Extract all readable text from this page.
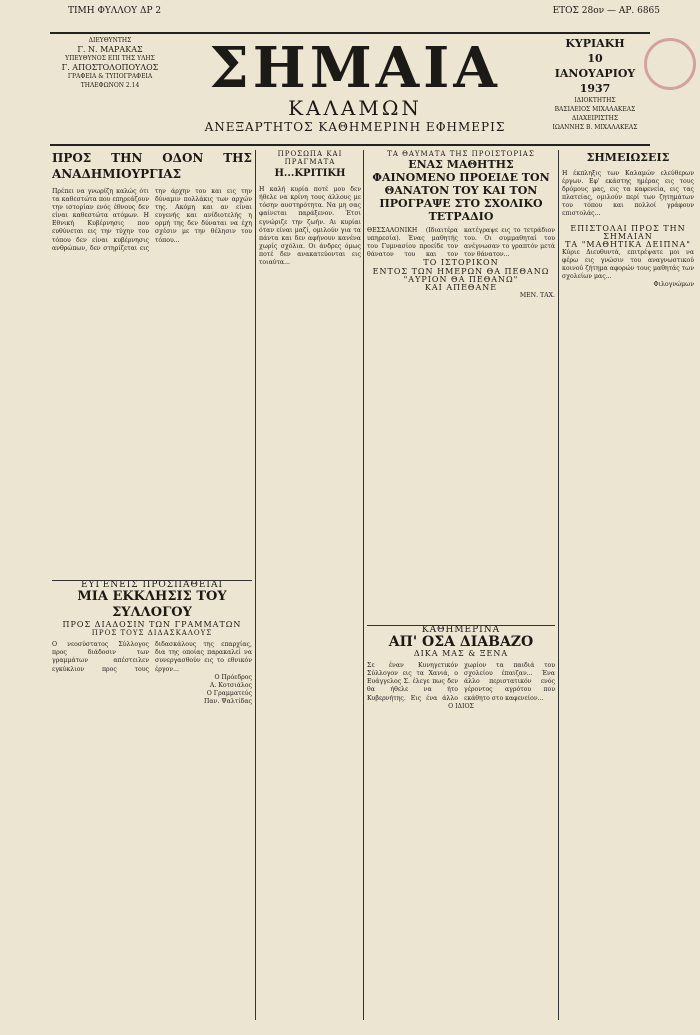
ΤΙΜΗ ΦΥΛΛΟΥ ΔΡ 2	ΕΤΟΣ 28ον — ΑΡ. 6865
ΔΙΕΥΘΥΝΤΗΣ
Γ. Ν. ΜΑΡΑΚΑΣ
ΥΠΕΥΘΥΝΟΣ ΕΠΙ ΤΗΣ ΥΛΗΣ
Γ. ΑΠΟΣΤΟΛΟΠΟΥΛΟΣ
ΓΡΑΦΕΙΑ & ΤΥΠΟΓΡΑΦΕΙΑ
ΤΗΛΕΦΩΝΟΝ 2.14	ΣΗΜΑΙΑ
ΚΑΛΑΜΩΝ
ΑΝΕΞΑΡΤΗΤΟΣ ΚΑΘΗΜΕΡΙΝΗ ΕΦΗΜΕΡΙΣ
ΚΥΡΙΑΚΗ
10
ΙΑΝΟΥΑΡΙΟΥ
1937
ΙΔΙΟΚΤΗΤΗΣ
ΒΑΣΙΛΕΙΟΣ ΜΙΧΑΛΑΚΕΑΣ
ΔΙΑΧΕΙΡΙΣΤΗΣ
ΙΩΑΝΝΗΣ Β. ΜΙΧΑΛΑΚΕΑΣ
ΠΡΟΣ ΤΗΝ ΟΔΟΝ ΤΗΣ ΑΝΑΔΗΜΙΟΥΡΓΙΑΣ
Πρέπει να γνωρίζη καλώς ότι τα καθεστώτα που επηρεάζουν την ιστορίαν ενός έθνους δεν είναι καθεστώτα ατόμων. Η Εθνική Κυβέρνησις που ευθύνεται εις την τύχην του τόπου δεν είναι κυβέρνησις ανθρώπων, δεν στηρίζεται εις την άρχην του και εις την δύναμιν πολλάκις των αρχών της. Ακόμη και αν είναι ευγενής και ανίδιοτελής η ορμή της δεν δύναται να έχη σχέσιν με την θέλησιν του τόπου...
ΕΥΓΕΝΕΙΣ ΠΡΟΣΠΑΘΕΙΑΙ
ΜΙΑ ΕΚΚΛΗΣΙΣ ΤΟΥ ΣΥΛΛΟΓΟΥ
ΠΡΟΣ ΔΙΑΔΟΣΙΝ ΤΩΝ ΓΡΑΜΜΑΤΩΝ
ΠΡΟΣ ΤΟΥΣ ΔΙΔΑΣΚΑΛΟΥΣ
Ο νεοσύστατος Σύλλογος προς διάδοσιν των γραμμάτων απέστειλεν εγκύκλιον προς τους διδασκάλους της επαρχίας, δια της οποίας παρακαλεί να συνεργασθούν εις το εθνικόν έργον...
Ο Πρόεδρος
Α. Κοτσιάλος
Ο Γραμματεύς
Παν. Ψαλτίδας
ΠΡΟΣΩΠΑ ΚΑΙ ΠΡΑΓΜΑΤΑ
Η...ΚΡΙΤΙΚΗ
Η καλή κυρία ποτέ μου δεν ήθελε να κρίνη τους άλλους με τόσην αυστηρότητα. Να μη σας φαίνεται παράξενον. Έτσι εγνώριζε την ζωήν. Αι κυρίαι όταν είναι μαζί, ομιλούν για τα πάντα και δεν αφήνουν κανένα χωρίς σχόλια. Οι άνδρες όμως ποτέ δεν ανακατεύονται εις τοιαύτα...
ΤΑ ΘΑΥΜΑΤΑ ΤΗΣ ΠΡΟΙΣΤΟΡΙΑΣ
ΕΝΑΣ ΜΑΘΗΤΗΣ ΦΑΙΝΟΜΕΝΟ ΠΡΟΕΙΔΕ ΤΟΝ ΘΑΝΑΤΟΝ ΤΟΥ ΚΑΙ ΤΟΝ ΠΡΟΓΡΑΨΕ ΣΤΟ ΣΧΟΛΙΚΟ ΤΕΤΡΑΔΙΟ
ΘΕΣΣΑΛΟΝΙΚΗ (Ιδιαιτέρα υπηρεσία). Ένας μαθητής του Γυμνασίου προείδε τον θάνατον του και τον κατέγραψε εις το τετράδιον του. Οι συμμαθηταί του ανέγνωσαν το γραπτόν μετά τον θάνατον...
ΤΟ ΙΣΤΟΡΙΚΟΝ
ΕΝΤΟΣ ΤΩΝ ΗΜΕΡΩΝ ΘΑ ΠΕΘΑΝΩ
"ΑΥΡΙΟΝ ΘΑ ΠΕΘΑΝΩ"
ΚΑΙ ΑΠΕΘΑΝΕ
ΜΕΝ. ΤΑΧ.
ΚΑΘΗΜΕΡΙΝΑ
ΑΠ' ΟΣΑ ΔΙΑΒΑΖΟ
ΔΙΚΑ ΜΑΣ & ΞΕΝΑ
Σε έναν Κυνηγετικόν Σύλλογον εις τα Χανιά, ο Ευάγγελος Σ. έλεγε πως δεν θα ήθελε να ήτο Κυβερνήτης. Εις ένα άλλο χωρίον τα παιδιά του σχολείου έπαιζαν... Ένα άλλο περιστατικόν ενός γέροντος αγρότου που εκάθητο στο καφενείον...
Ο ΙΔΙΟΣ
ΣΗΜΕΙΩΣΕΙΣ
Η έκπληξις των Καλαμών ελεύθερων έργων. Εφ' εκάστης ημέρας εις τους δρόμους μας, εις τα καφενεία, εις τας πλατείας, ομιλούν περί των ζητημάτων του τόπου και πολλοί γράφουν επιστολάς...
ΕΠΙΣΤΟΛΑΙ ΠΡΟΣ ΤΗΝ ΣΗΜΑΙΑΝ
ΤΑ "ΜΑΘΗΤΙΚΑ ΔΕΙΠΝΑ"
Κύριε Διευθυντά, επιτρέψατε μοι να φέρω εις γνώσιν του αναγνωστικού κοινού ζήτημα αφορών τους μαθητάς των σχολείων μας...
Φιλογνώμων
